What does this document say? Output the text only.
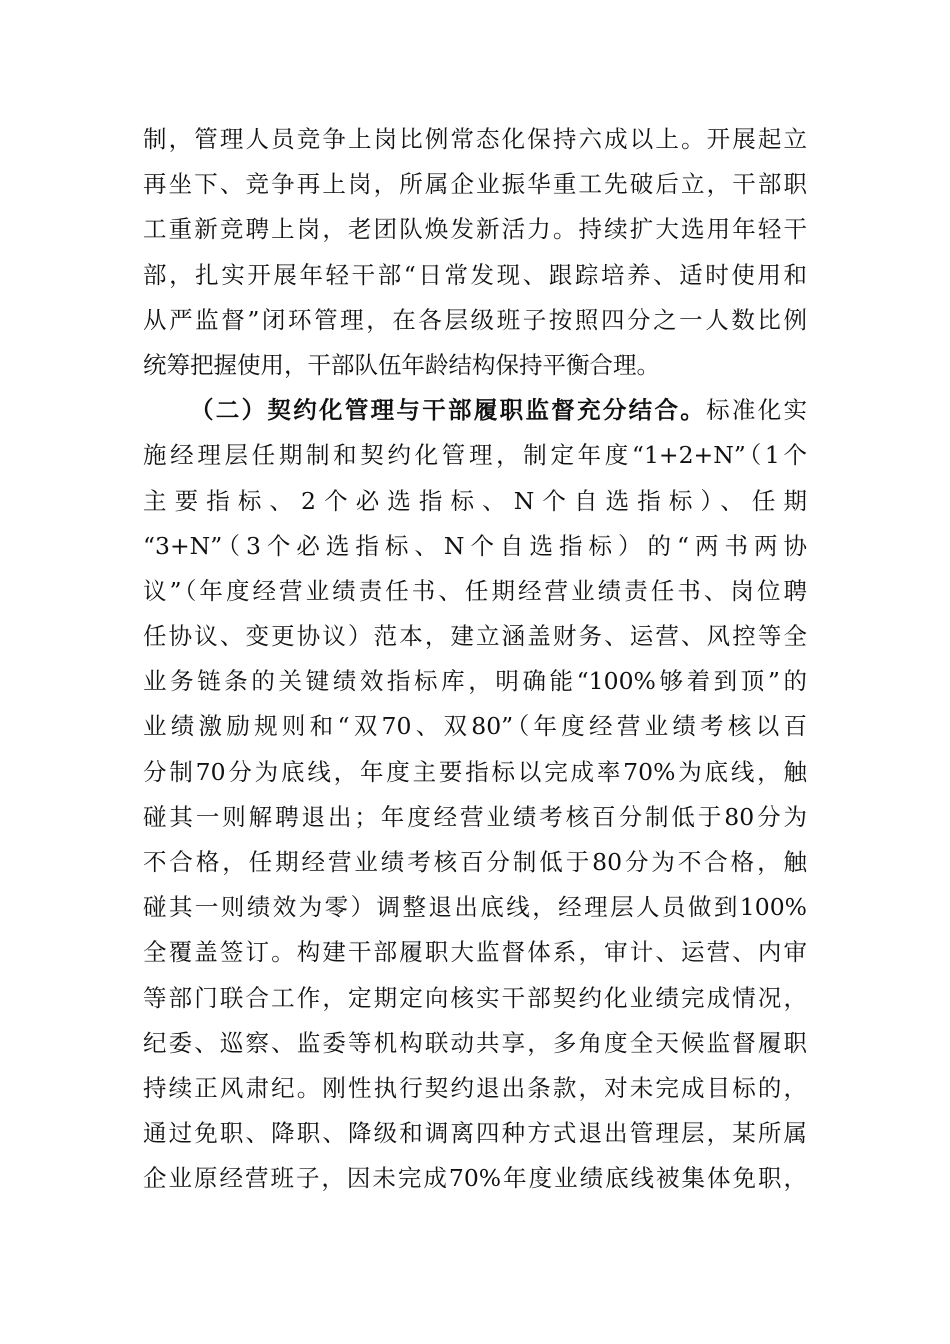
制，管理人员竞争上岗比例常态化保持六成以上。开展起立
再坐下、竞争再上岗，所属企业振华重工先破后立，干部职
工重新竞聘上岗，老团队焕发新活力。持续扩大选用年轻干
部，扎实开展年轻干部“日常发现、跟踪培养、适时使用和
从严监督”闭环管理，在各层级班子按照四分之一人数比例
统筹把握使用，干部队伍年龄结构保持平衡合理。
（二）契约化管理与干部履职监督充分结合。标准化实
施经理层任期制和契约化管理，制定年度“1+2+N”（1个
主要指标、2个必选指标、N个自选指标）、任期
“3+N”（3个必选指标、N个自选指标）的“两书两协
议”（年度经营业绩责任书、任期经营业绩责任书、岗位聘
任协议、变更协议）范本，建立涵盖财务、运营、风控等全
业务链条的关键绩效指标库，明确能“100%够着到顶”的
业绩激励规则和“双70、双80”（年度经营业绩考核以百
分制70分为底线，年度主要指标以完成率70%为底线，触
碰其一则解聘退出；年度经营业绩考核百分制低于80分为
不合格，任期经营业绩考核百分制低于80分为不合格，触
碰其一则绩效为零）调整退出底线，经理层人员做到100%
全覆盖签订。构建干部履职大监督体系，审计、运营、内审
等部门联合工作，定期定向核实干部契约化业绩完成情况，
纪委、巡察、监委等机构联动共享，多角度全天候监督履职
持续正风肃纪。刚性执行契约退出条款，对未完成目标的，
通过免职、降职、降级和调离四种方式退出管理层，某所属
企业原经营班子，因未完成70%年度业绩底线被集体免职，
